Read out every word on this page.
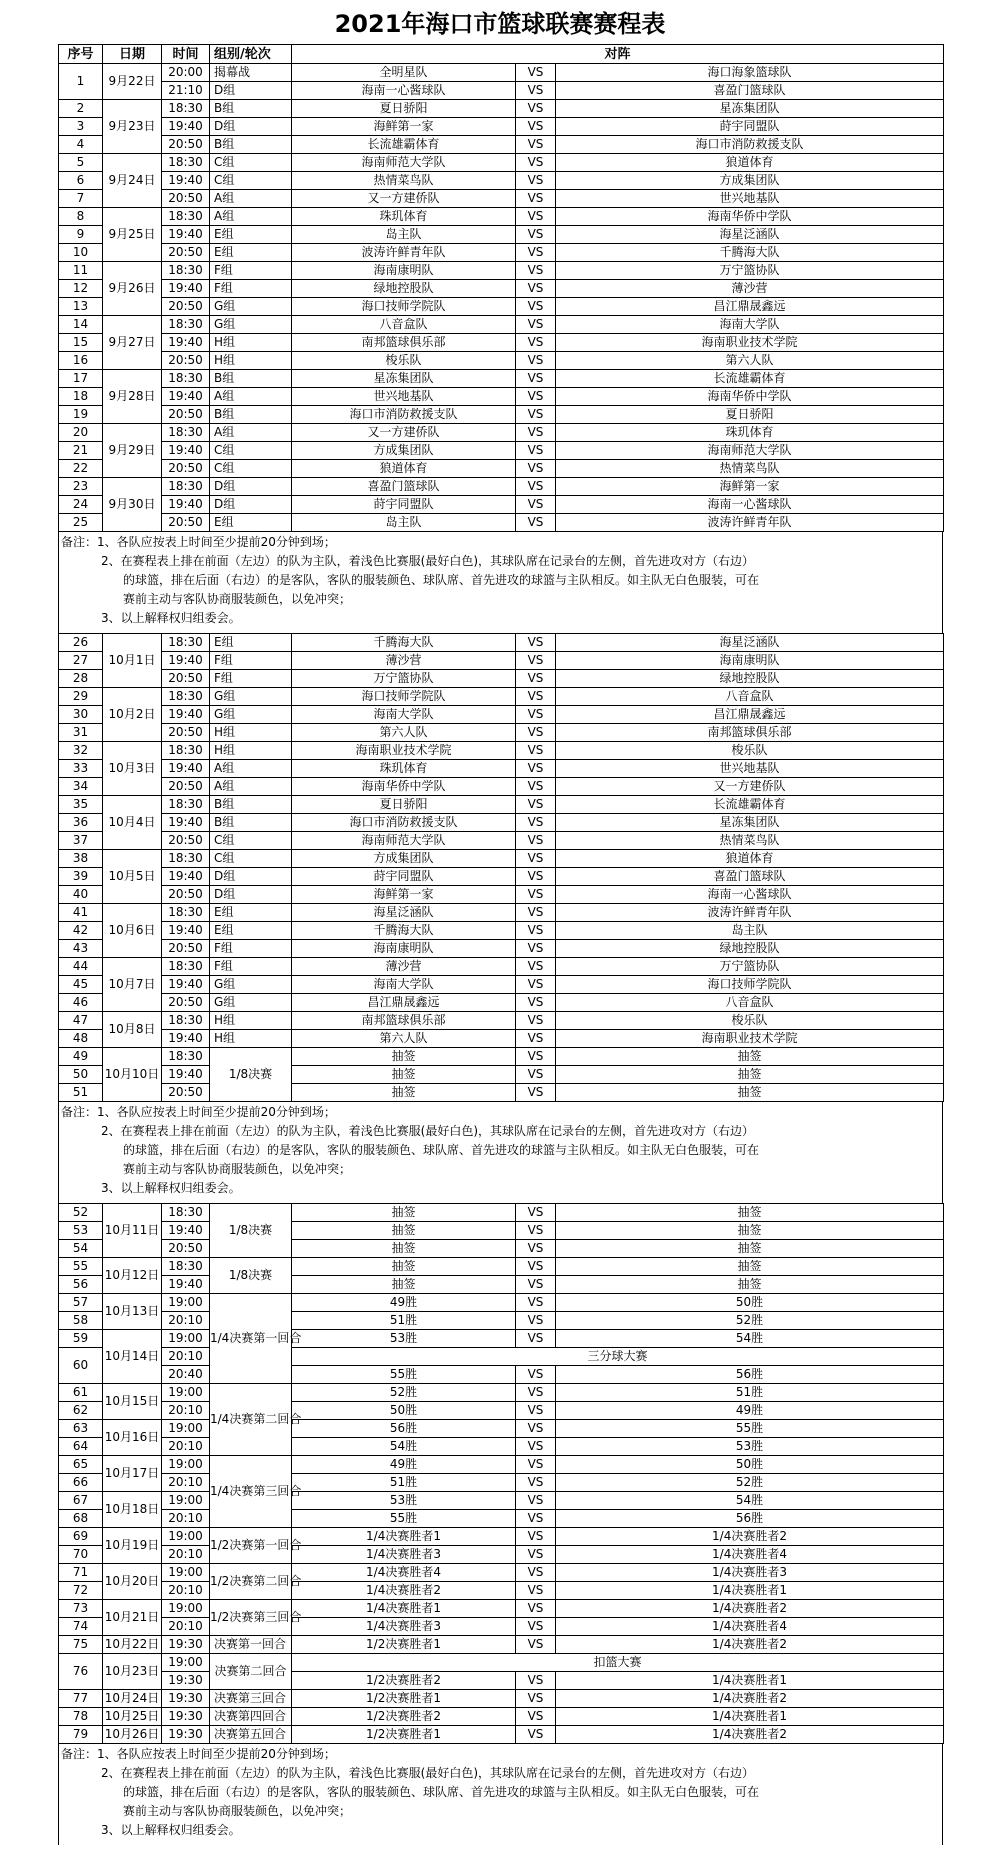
2021年海口市篮球联赛赛程表
序号	日期	时间	组别/轮次	对阵		
1	9月22日	20:00	揭幕战	全明星队	VS	海口海象篮球队
		21:10	D组	海南一心酱球队	VS	喜盈门篮球队
2	9月23日	18:30	B组	夏日骄阳	VS	星冻集团队
3		19:40	D组	海鲜第一家	VS	莳宇同盟队
4		20:50	B组	长流雄霸体育	VS	海口市消防救援支队
5	9月24日	18:30	C组	海南师范大学队	VS	狼道体育
6		19:40	C组	热情菜鸟队	VS	方成集团队
7		20:50	A组	又一方建侨队	VS	世兴地基队
8	9月25日	18:30	A组	珠玑体育	VS	海南华侨中学队
9		19:40	E组	岛主队	VS	海星泛涵队
10		20:50	E组	波涛许鲜青年队	VS	千腾海大队
11	9月26日	18:30	F组	海南康明队	VS	万宁篮协队
12		19:40	F组	绿地控股队	VS	薄沙营
13		20:50	G组	海口技师学院队	VS	昌江鼎晟鑫远
14	9月27日	18:30	G组	八音盒队	VS	海南大学队
15		19:40	H组	南邦篮球俱乐部	VS	海南职业技术学院
16		20:50	H组	梭乐队	VS	第六人队
17	9月28日	18:30	B组	星冻集团队	VS	长流雄霸体育
18		19:40	A组	世兴地基队	VS	海南华侨中学队
19		20:50	B组	海口市消防救援支队	VS	夏日骄阳
20	9月29日	18:30	A组	又一方建侨队	VS	珠玑体育
21		19:40	C组	方成集团队	VS	海南师范大学队
22		20:50	C组	狼道体育	VS	热情菜鸟队
23	9月30日	18:30	D组	喜盈门篮球队	VS	海鲜第一家
24		19:40	D组	莳宇同盟队	VS	海南一心酱球队
25		20:50	E组	岛主队	VS	波涛许鲜青年队
备注：1、各队应按表上时间至少提前20分钟到场；
2、在赛程表上排在前面（左边）的队为主队，着浅色比赛服(最好白色)，其球队席在记录台的左侧，首先进攻对方（右边）
的球篮，排在后面（右边）的是客队，客队的服装颜色、球队席、首先进攻的球篮与主队相反。如主队无白色服装，可在
赛前主动与客队协商服装颜色，以免冲突；
3、以上解释权归组委会。
26	10月1日	18:30	E组	千腾海大队	VS	海星泛涵队
27		19:40	F组	薄沙营	VS	海南康明队
28		20:50	F组	万宁篮协队	VS	绿地控股队
29	10月2日	18:30	G组	海口技师学院队	VS	八音盒队
30		19:40	G组	海南大学队	VS	昌江鼎晟鑫远
31		20:50	H组	第六人队	VS	南邦篮球俱乐部
32	10月3日	18:30	H组	海南职业技术学院	VS	梭乐队
33		19:40	A组	珠玑体育	VS	世兴地基队
34		20:50	A组	海南华侨中学队	VS	又一方建侨队
35	10月4日	18:30	B组	夏日骄阳	VS	长流雄霸体育
36		19:40	B组	海口市消防救援支队	VS	星冻集团队
37		20:50	C组	海南师范大学队	VS	热情菜鸟队
38	10月5日	18:30	C组	方成集团队	VS	狼道体育
39		19:40	D组	莳宇同盟队	VS	喜盈门篮球队
40		20:50	D组	海鲜第一家	VS	海南一心酱球队
41	10月6日	18:30	E组	海星泛涵队	VS	波涛许鲜青年队
42		19:40	E组	千腾海大队	VS	岛主队
43		20:50	F组	海南康明队	VS	绿地控股队
44	10月7日	18:30	F组	薄沙营	VS	万宁篮协队
45		19:40	G组	海南大学队	VS	海口技师学院队
46		20:50	G组	昌江鼎晟鑫远	VS	八音盒队
47	10月8日	18:30	H组	南邦篮球俱乐部	VS	梭乐队
48		19:40	H组	第六人队	VS	海南职业技术学院
49	10月10日	18:30	1/8决赛	抽签	VS	抽签
50		19:40		抽签	VS	抽签
51		20:50		抽签	VS	抽签
备注：1、各队应按表上时间至少提前20分钟到场；
2、在赛程表上排在前面（左边）的队为主队，着浅色比赛服(最好白色)，其球队席在记录台的左侧，首先进攻对方（右边）
的球篮，排在后面（右边）的是客队，客队的服装颜色、球队席、首先进攻的球篮与主队相反。如主队无白色服装，可在
赛前主动与客队协商服装颜色，以免冲突；
3、以上解释权归组委会。
52	10月11日	18:30	1/8决赛	抽签	VS	抽签
53		19:40		抽签	VS	抽签
54		20:50		抽签	VS	抽签
55	10月12日	18:30	1/8决赛	抽签	VS	抽签
56		19:40		抽签	VS	抽签
57	10月13日	19:00	1/4决赛第一回合	49胜	VS	50胜
58		20:10		51胜	VS	52胜
59	10月14日	19:00		53胜	VS	54胜
60		20:10		三分球大赛		
		20:40		55胜	VS	56胜
61	10月15日	19:00	1/4决赛第二回合	52胜	VS	51胜
62		20:10		50胜	VS	49胜
63	10月16日	19:00		56胜	VS	55胜
64		20:10		54胜	VS	53胜
65	10月17日	19:00	1/4决赛第三回合	49胜	VS	50胜
66		20:10		51胜	VS	52胜
67	10月18日	19:00		53胜	VS	54胜
68		20:10		55胜	VS	56胜
69	10月19日	19:00	1/2决赛第一回合	1/4决赛胜者1	VS	1/4决赛胜者2
70		20:10		1/4决赛胜者3	VS	1/4决赛胜者4
71	10月20日	19:00	1/2决赛第二回合	1/4决赛胜者4	VS	1/4决赛胜者3
72		20:10		1/4决赛胜者2	VS	1/4决赛胜者1
73	10月21日	19:00	1/2决赛第三回合	1/4决赛胜者1	VS	1/4决赛胜者2
74		20:10		1/4决赛胜者3	VS	1/4决赛胜者4
75	10月22日	19:30	决赛第一回合	1/2决赛胜者1	VS	1/4决赛胜者2
76	10月23日	19:00	决赛第二回合	扣篮大赛		
		19:30		1/2决赛胜者2	VS	1/4决赛胜者1
77	10月24日	19:30	决赛第三回合	1/2决赛胜者1	VS	1/4决赛胜者2
78	10月25日	19:30	决赛第四回合	1/2决赛胜者2	VS	1/4决赛胜者1
79	10月26日	19:30	决赛第五回合	1/2决赛胜者1	VS	1/4决赛胜者2
备注：1、各队应按表上时间至少提前20分钟到场；
2、在赛程表上排在前面（左边）的队为主队，着浅色比赛服(最好白色)，其球队席在记录台的左侧，首先进攻对方（右边）
的球篮，排在后面（右边）的是客队，客队的服装颜色、球队席、首先进攻的球篮与主队相反。如主队无白色服装，可在
赛前主动与客队协商服装颜色，以免冲突；
3、以上解释权归组委会。
